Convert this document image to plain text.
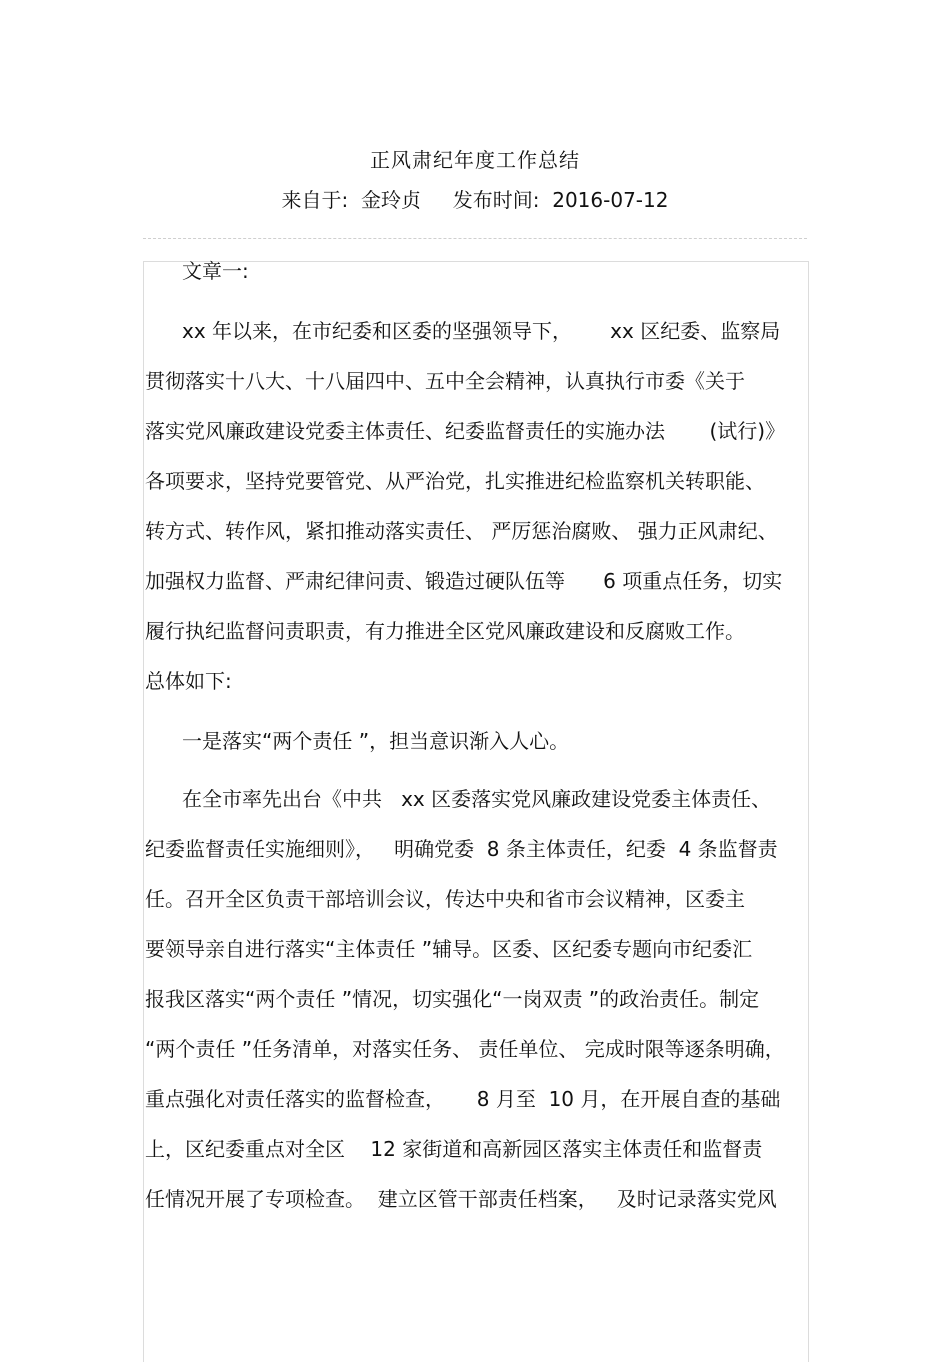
正风肃纪年度工作总结
来自于:  金玲贞     发布时间:  2016-07-12
文章一:
xx 年以来，在市纪委和区委的坚强领导下，      xx 区纪委、监察局
贯彻落实十八大、十八届四中、五中全会精神，认真执行市委《关于
落实党风廉政建设党委主体责任、纪委监督责任的实施办法       (试行)》
各项要求，坚持党要管党、从严治党，扎实推进纪检监察机关转职能、
转方式、转作风，紧扣推动落实责任、 严厉惩治腐败、 强力正风肃纪、
加强权力监督、严肃纪律问责、锻造过硬队伍等      6 项重点任务，切实
履行执纪监督问责职责，有力推进全区党风廉政建设和反腐败工作。
总体如下:
一是落实“两个责任 ”，担当意识渐入人心。
在全市率先出台《中共   xx 区委落实党风廉政建设党委主体责任、
纪委监督责任实施细则》，   明确党委  8 条主体责任，纪委  4 条监督责
任。召开全区负责干部培训会议，传达中央和省市会议精神，区委主
要领导亲自进行落实“主体责任 ”辅导。区委、区纪委专题向市纪委汇
报我区落实“两个责任 ”情况，切实强化“一岗双责 ”的政治责任。制定
“两个责任 ”任务清单，对落实任务、 责任单位、 完成时限等逐条明确，
重点强化对责任落实的监督检查，     8 月至  10 月，在开展自查的基础
上，区纪委重点对全区    12 家街道和高新园区落实主体责任和监督责
任情况开展了专项检查。  建立区管干部责任档案，   及时记录落实党风
